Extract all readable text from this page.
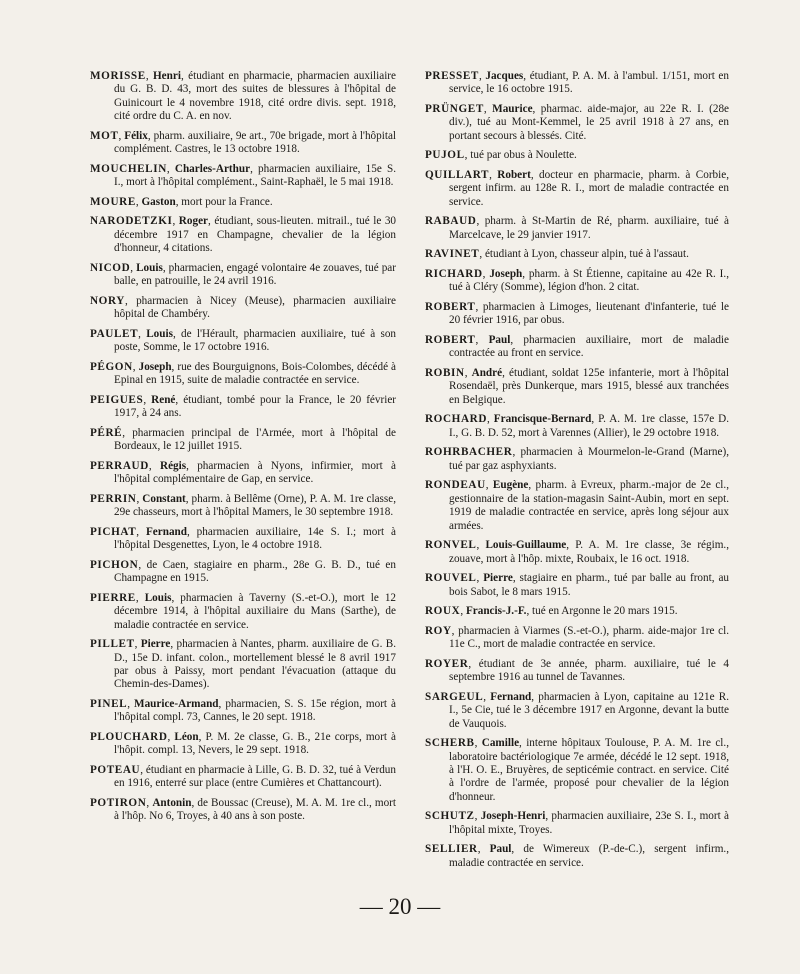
MORISSE, Henri, étudiant en pharmacie, pharmacien auxiliaire du G. B. D. 43, mort des suites de blessures à l'hôpital de Guinicourt le 4 novembre 1918, cité ordre divis. sept. 1918, cité ordre du C. A. en nov.

MOT, Félix, pharm. auxiliaire, 9e art., 70e brigade, mort à l'hôpital complément. Castres, le 13 octobre 1918.

MOUCHELIN, Charles-Arthur, pharmacien auxiliaire, 15e S. I., mort à l'hôpital complément., Saint-Raphaël, le 5 mai 1918.

MOURE, Gaston, mort pour la France.

NARODETZKI, Roger, étudiant, sous-lieuten. mitrail., tué le 30 décembre 1917 en Champagne, chevalier de la légion d'honneur, 4 citations.

NICOD, Louis, pharmacien, engagé volontaire 4e zouaves, tué par balle, en patrouille, le 24 avril 1916.

NORY, pharmacien à Nicey (Meuse), pharmacien auxiliaire hôpital de Chambéry.

PAULET, Louis, de l'Hérault, pharmacien auxiliaire, tué à son poste, Somme, le 17 octobre 1916.

PÉGON, Joseph, rue des Bourguignons, Bois-Colombes, décédé à Epinal en 1915, suite de maladie contractée en service.

PEIGUES, René, étudiant, tombé pour la France, le 20 février 1917, à 24 ans.

PÉRÉ, pharmacien principal de l'Armée, mort à l'hôpital de Bordeaux, le 12 juillet 1915.

PERRAUD, Régis, pharmacien à Nyons, infirmier, mort à l'hôpital complémentaire de Gap, en service.

PERRIN, Constant, pharm. à Bellême (Orne), P. A. M. 1re classe, 29e chasseurs, mort à l'hôpital Mamers, le 30 septembre 1918.

PICHAT, Fernand, pharmacien auxiliaire, 14e S. I.; mort à l'hôpital Desgenettes, Lyon, le 4 octobre 1918.

PICHON, de Caen, stagiaire en pharm., 28e G. B. D., tué en Champagne en 1915.

PIERRE, Louis, pharmacien à Taverny (S.-et-O.), mort le 12 décembre 1914, à l'hôpital auxiliaire du Mans (Sarthe), de maladie contractée en service.

PILLET, Pierre, pharmacien à Nantes, pharm. auxiliaire de G. B. D., 15e D. infant. colon., mortellement blessé le 8 avril 1917 par obus à Paissy, mort pendant l'évacuation (attaque du Chemin-des-Dames).

PINEL, Maurice-Armand, pharmacien, S. S. 15e région, mort à l'hôpital compl. 73, Cannes, le 20 sept. 1918.

PLOUCHARD, Léon, P. M. 2e classe, G. B., 21e corps, mort à l'hôpit. compl. 13, Nevers, le 29 sept. 1918.

POTEAU, étudiant en pharmacie à Lille, G. B. D. 32, tué à Verdun en 1916, enterré sur place (entre Cumières et Chattancourt).

POTIRON, Antonin, de Boussac (Creuse), M. A. M. 1re cl., mort à l'hôp. No 6, Troyes, à 40 ans à son poste.

PRESSET, Jacques, étudiant, P. A. M. à l'ambul. 1/151, mort en service, le 16 octobre 1915.

PRÜNGET, Maurice, pharmac. aide-major, au 22e R. I. (28e div.), tué au Mont-Kemmel, le 25 avril 1918 à 27 ans, en portant secours à blessés. Cité.

PUJOL, tué par obus à Noulette.

QUILLART, Robert, docteur en pharmacie, pharm. à Corbie, sergent infirm. au 128e R. I., mort de maladie contractée en service.

RABAUD, pharm. à St-Martin de Ré, pharm. auxiliaire, tué à Marcelcave, le 29 janvier 1917.

RAVINET, étudiant à Lyon, chasseur alpin, tué à l'assaut.

RICHARD, Joseph, pharm. à St Étienne, capitaine au 42e R. I., tué à Cléry (Somme), légion d'hon. 2 citat.

ROBERT, pharmacien à Limoges, lieutenant d'infanterie, tué le 20 février 1916, par obus.

ROBERT, Paul, pharmacien auxiliaire, mort de maladie contractée au front en service.

ROBIN, André, étudiant, soldat 125e infanterie, mort à l'hôpital Rosendaël, près Dunkerque, mars 1915, blessé aux tranchées en Belgique.

ROCHARD, Francisque-Bernard, P. A. M. 1re classe, 157e D. I., G. B. D. 52, mort à Varennes (Allier), le 29 octobre 1918.

ROHRBACHER, pharmacien à Mourmelon-le-Grand (Marne), tué par gaz asphyxiants.

RONDEAU, Eugène, pharm. à Evreux, pharm.-major de 2e cl., gestionnaire de la station-magasin Saint-Aubin, mort en sept. 1919 de maladie contractée en service, après long séjour aux armées.

RONVEL, Louis-Guillaume, P. A. M. 1re classe, 3e régim., zouave, mort à l'hôp. mixte, Roubaix, le 16 oct. 1918.

ROUVEL, Pierre, stagiaire en pharm., tué par balle au front, au bois Sabot, le 8 mars 1915.

ROUX, Francis-J.-F., tué en Argonne le 20 mars 1915.

ROY, pharmacien à Viarmes (S.-et-O.), pharm. aide-major 1re cl. 11e C., mort de maladie contractée en service.

ROYER, étudiant de 3e année, pharm. auxiliaire, tué le 4 septembre 1916 au tunnel de Tavannes.

SARGEUL, Fernand, pharmacien à Lyon, capitaine au 121e R. I., 5e Cie, tué le 3 décembre 1917 en Argonne, devant la butte de Vauquois.

SCHERB, Camille, interne hôpitaux Toulouse, P. A. M. 1re cl., laboratoire bactériologique 7e armée, décédé le 12 sept. 1918, à l'H. O. E., Bruyères, de septicémie contract. en service. Cité à l'ordre de l'armée, proposé pour chevalier de la légion d'honneur.

SCHUTZ, Joseph-Henri, pharmacien auxiliaire, 23e S. I., mort à l'hôpital mixte, Troyes.

SELLIER, Paul, de Wimereux (P.-de-C.), sergent infirm., maladie contractée en service.

— 20 —
